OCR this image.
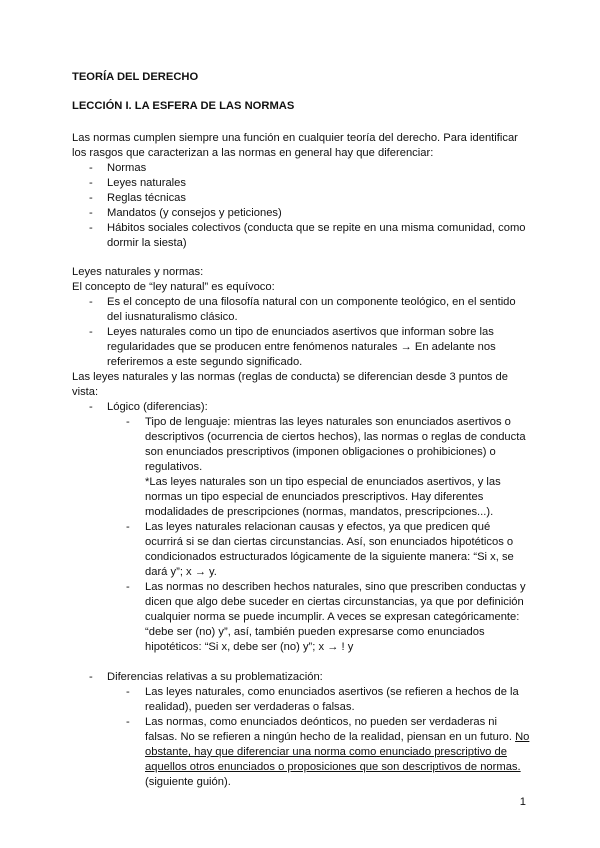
TEORÍA DEL DERECHO
LECCIÓN I. LA ESFERA DE LAS NORMAS
Las normas cumplen siempre una función en cualquier teoría del derecho. Para identificar
los rasgos que caracterizan a las normas en general hay que diferenciar:
- Normas
- Leyes naturales
- Reglas técnicas
- Mandatos (y consejos y peticiones)
- Hábitos sociales colectivos (conducta que se repite en una misma comunidad, como
dormir la siesta)
Leyes naturales y normas:
El concepto de “ley natural” es equívoco:
- Es el concepto de una filosofía natural con un componente teológico, en el sentido
del iusnaturalismo clásico.
- Leyes naturales como un tipo de enunciados asertivos que informan sobre las
regularidades que se producen entre fenómenos naturales → En adelante nos
referiremos a este segundo significado.
Las leyes naturales y las normas (reglas de conducta) se diferencian desde 3 puntos de
vista:
- Lógico (diferencias):
- Tipo de lenguaje: mientras las leyes naturales son enunciados asertivos o
descriptivos (ocurrencia de ciertos hechos), las normas o reglas de conducta
son enunciados prescriptivos (imponen obligaciones o prohibiciones) o
regulativos.
*Las leyes naturales son un tipo especial de enunciados asertivos, y las
normas un tipo especial de enunciados prescriptivos. Hay diferentes
modalidades de prescripciones (normas, mandatos, prescripciones...).
- Las leyes naturales relacionan causas y efectos, ya que predicen qué
ocurrirá si se dan ciertas circunstancias. Así, son enunciados hipotéticos o
condicionados estructurados lógicamente de la siguiente manera: “Si x, se
dará y”; x → y.
- Las normas no describen hechos naturales, sino que prescriben conductas y
dicen que algo debe suceder en ciertas circunstancias, ya que por definición
cualquier norma se puede incumplir. A veces se expresan categóricamente:
“debe ser (no) y”, así, también pueden expresarse como enunciados
hipotéticos: “Si x, debe ser (no) y”; x → ! y
- Diferencias relativas a su problematización:
- Las leyes naturales, como enunciados asertivos (se refieren a hechos de la
realidad), pueden ser verdaderas o falsas.
- Las normas, como enunciados deónticos, no pueden ser verdaderas ni
falsas. No se refieren a ningún hecho de la realidad, piensan en un futuro. No
obstante, hay que diferenciar una norma como enunciado prescriptivo de
aquellos otros enunciados o proposiciones que son descriptivos de normas.
(siguiente guión).
1
